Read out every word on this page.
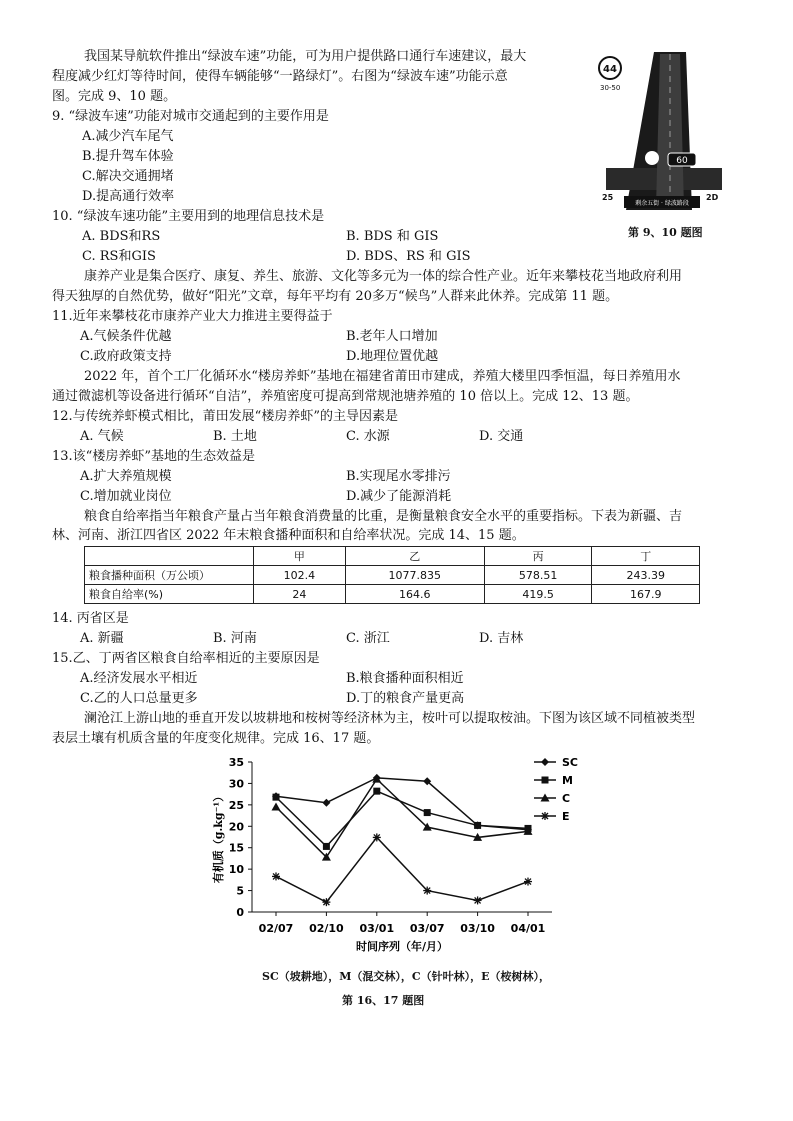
我国某导航软件推出“绿波车速”功能，可为用户提供路口通行车速建议，最大
程度减少红灯等待时间，使得车辆能够“一路绿灯”。右图为“绿波车速”功能示意
图。完成 9、10 题。
9. “绿波车速”功能对城市交通起到的主要作用是
A.减少汽车尾气
B.提升驾车体验
C.解决交通拥堵
D.提高通行效率
10. “绿波车速功能”主要用到的地理信息技术是
A. BDS和RS	B. BDS 和 GIS
C. RS和GIS	D. BDS、RS 和 GIS
44
30-50
60
25	2D
剩余五街 · 绿波路段
第 9、10 题图
康养产业是集合医疗、康复、养生、旅游、文化等多元为一体的综合性产业。近年来攀枝花当地政府利用
得天独厚的自然优势，做好“阳光”文章，每年平均有 20多万“候鸟”人群来此休养。完成第 11 题。
11.近年来攀枝花市康养产业大力推进主要得益于
A.气候条件优越	B.老年人口增加
C.政府政策支持	D.地理位置优越
2022 年，首个工厂化循环水“楼房养虾”基地在福建省莆田市建成，养殖大楼里四季恒温，每日养殖用水
通过微滤机等设备进行循环“自洁”，养殖密度可提高到常规池塘养殖的 10 倍以上。完成 12、13 题。
12.与传统养虾模式相比，莆田发展“楼房养虾”的主导因素是
A. 气候	B. 土地	C. 水源	D. 交通
13.该“楼房养虾”基地的生态效益是
A.扩大养殖规模	B.实现尾水零排污
C.增加就业岗位	D.减少了能源消耗
粮食自给率指当年粮食产量占当年粮食消费量的比重，是衡量粮食安全水平的重要指标。下表为新疆、吉
林、河南、浙江四省区 2022 年末粮食播种面积和自给率状况。完成 14、15 题。
	甲	乙	丙	丁
粮食播种面积（万公顷）	102.4	1077.835	578.51	243.39
粮食自给率(%)	24	164.6	419.5	167.9
14. 丙省区是
A. 新疆	B. 河南	C. 浙江	D. 吉林
15.乙、丁两省区粮食自给率相近的主要原因是
A.经济发展水平相近	B.粮食播种面积相近
C.乙的人口总量更多	D.丁的粮食产量更高
澜沧江上游山地的垂直开发以坡耕地和桉树等经济林为主，桉叶可以提取桉油。下图为该区域不同植被类型
表层土壤有机质含量的年度变化规律。完成 16、17 题。
0
5
10
15
20
25
30
35
02/07 02/10 03/01 03/07 03/10 04/01
时间序列（年/月）
有机质（g.kg⁻¹）
SC
M
C
E
SC（坡耕地），M（混交林），C（针叶林），E（桉树林），
第 16、17 题图
